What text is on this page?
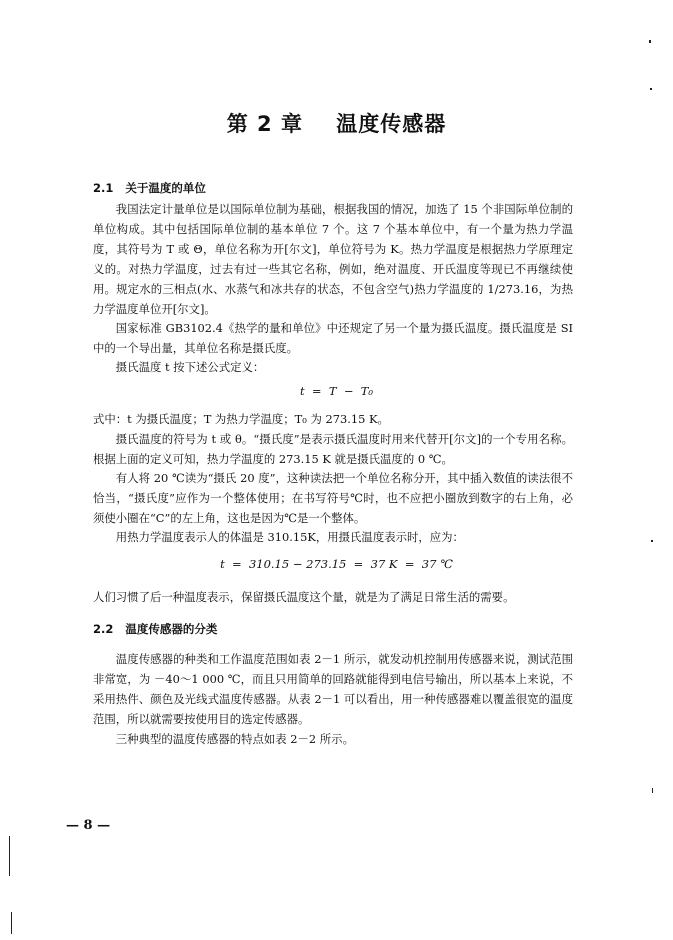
第 2 章    温度传感器
2.1   关于温度的单位
我国法定计量单位是以国际单位制为基础，根据我国的情况，加选了 15 个非国际单位制的单位构成。其中包括国际单位制的基本单位 7 个。这 7 个基本单位中，有一个量为热力学温度，其符号为 T 或 Θ，单位名称为开[尔文]，单位符号为 K。热力学温度是根据热力学原理定义的。对热力学温度，过去有过一些其它名称，例如，绝对温度、开氏温度等现已不再继续使用。规定水的三相点(水、水蒸气和冰共存的状态，不包含空气)热力学温度的 1/273.16，为热力学温度单位开[尔文]。
国家标准 GB3102.4《热学的量和单位》中还规定了另一个量为摄氏温度。摄氏温度是 SI 中的一个导出量，其单位名称是摄氏度。
摄氏温度 t 按下述公式定义：
t  =  T  −  T₀
式中：t 为摄氏温度；T 为热力学温度；T₀ 为 273.15 K。
摄氏温度的符号为 t 或 θ。“摄氏度”是表示摄氏温度时用来代替开[尔文]的一个专用名称。根据上面的定义可知，热力学温度的 273.15 K 就是摄氏温度的 0 ℃。
有人将 20 ℃读为“摄氏 20 度”，这种读法把一个单位名称分开，其中插入数值的读法很不恰当，“摄氏度”应作为一个整体使用；在书写符号℃时，也不应把小圈放到数字的右上角，必须使小圈在“C”的左上角，这也是因为℃是一个整体。
用热力学温度表示人的体温是 310.15K，用摄氏温度表示时，应为：
t  =  310.15 − 273.15  =  37 K  =  37 ℃
人们习惯了后一种温度表示，保留摄氏温度这个量，就是为了满足日常生活的需要。
2.2   温度传感器的分类
温度传感器的种类和工作温度范围如表 2－1 所示，就发动机控制用传感器来说，测试范围非常宽，为 －40～1 000 ℃，而且只用简单的回路就能得到电信号输出，所以基本上来说，不采用热件、颜色及光线式温度传感器。从表 2－1 可以看出，用一种传感器难以覆盖很宽的温度范围，所以就需要按使用目的选定传感器。
三种典型的温度传感器的特点如表 2－2 所示。
— 8 —
